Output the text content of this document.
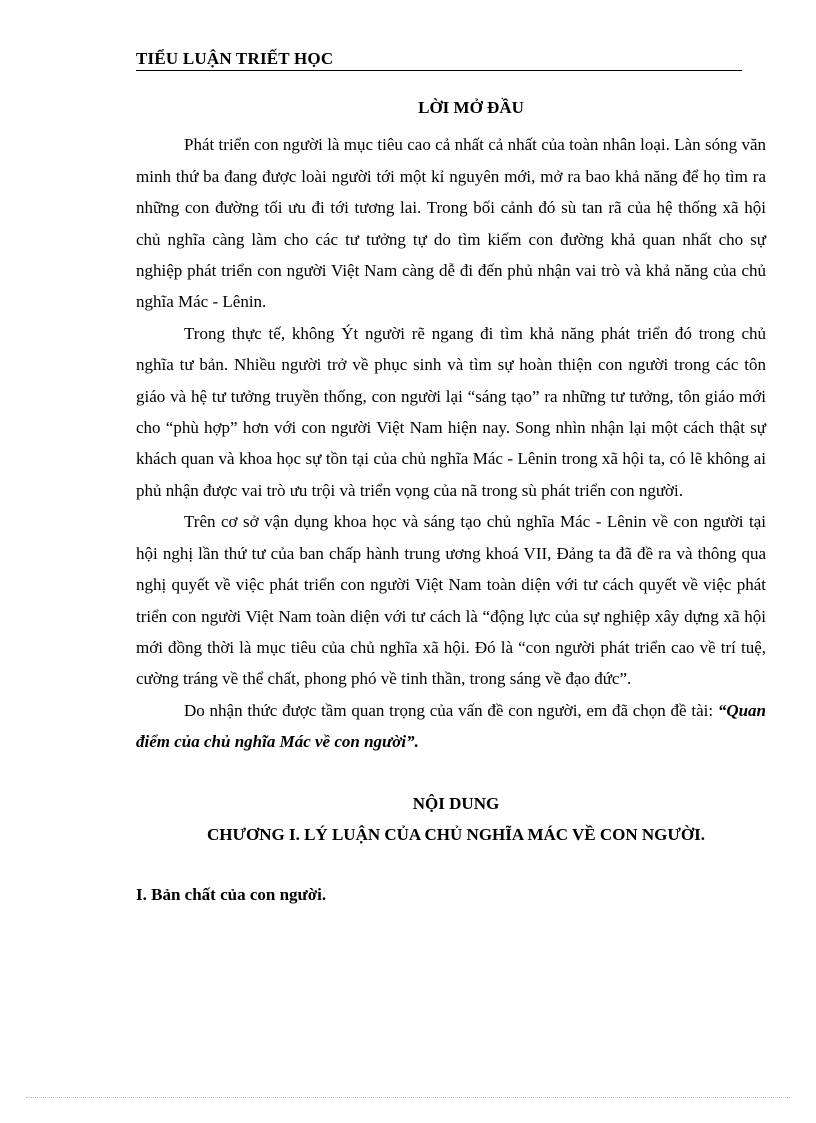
TIỂU LUẬN TRIẾT HỌC
LỜI MỞ ĐẦU

Phát triển con người là mục tiêu cao cả nhất cả nhất của toàn nhân loại. Làn sóng văn minh thứ ba đang được loài người tới một kỉ nguyên mới, mở ra bao khả năng để họ tìm ra những con đường tối ưu đi tới tương lai. Trong bối cảnh đó sù tan rã của hệ thống xã hội chủ nghĩa càng làm cho các tư tưởng tự do tìm kiếm con đường khả quan nhất cho sự nghiệp phát triển con người Việt Nam càng dễ đi đến phủ nhận vai trò và khả năng của chủ nghĩa Mác - Lênin.

Trong thực tế, không Ýt người rẽ ngang đi tìm khả năng phát triển đó trong chủ nghĩa tư bản. Nhiều người trở về phục sinh và tìm sự hoàn thiện con người trong các tôn giáo và hệ tư tưởng truyền thống, con người lại “sáng tạo” ra những tư tưởng, tôn giáo mới cho “phù hợp” hơn với con người Việt Nam hiện nay. Song nhìn nhận lại một cách thật sự khách quan và khoa học sự tồn tại của chủ nghĩa Mác - Lênin trong xã hội ta, có lẽ không ai phủ nhận được vai trò ưu trội và triển vọng của nã trong sù phát triển con người.

Trên cơ sở vận dụng khoa học và sáng tạo chủ nghĩa Mác - Lênin về con người tại hội nghị lần thứ tư của ban chấp hành trung ương khoá VII, Đảng ta đã đề ra và thông qua nghị quyết về việc phát triển con người Việt Nam toàn diện với tư cách quyết về việc phát triển con người Việt Nam toàn diện với tư cách là “động lực của sự nghiệp xây dựng xã hội mới đồng thời là mục tiêu của chủ nghĩa xã hội. Đó là “con người phát triển cao về trí tuệ, cường tráng về thể chất, phong phó về tinh thần, trong sáng về đạo đức”.

Do nhận thức được tầm quan trọng của vấn đề con người, em đã chọn đề tài: “Quan điểm của chủ nghĩa Mác về con người”.

NỘI DUNG
CHƯƠNG I. LÝ LUẬN CỦA CHỦ NGHĨA MÁC VỀ CON NGƯỜI.

I. Bản chất của con người.
